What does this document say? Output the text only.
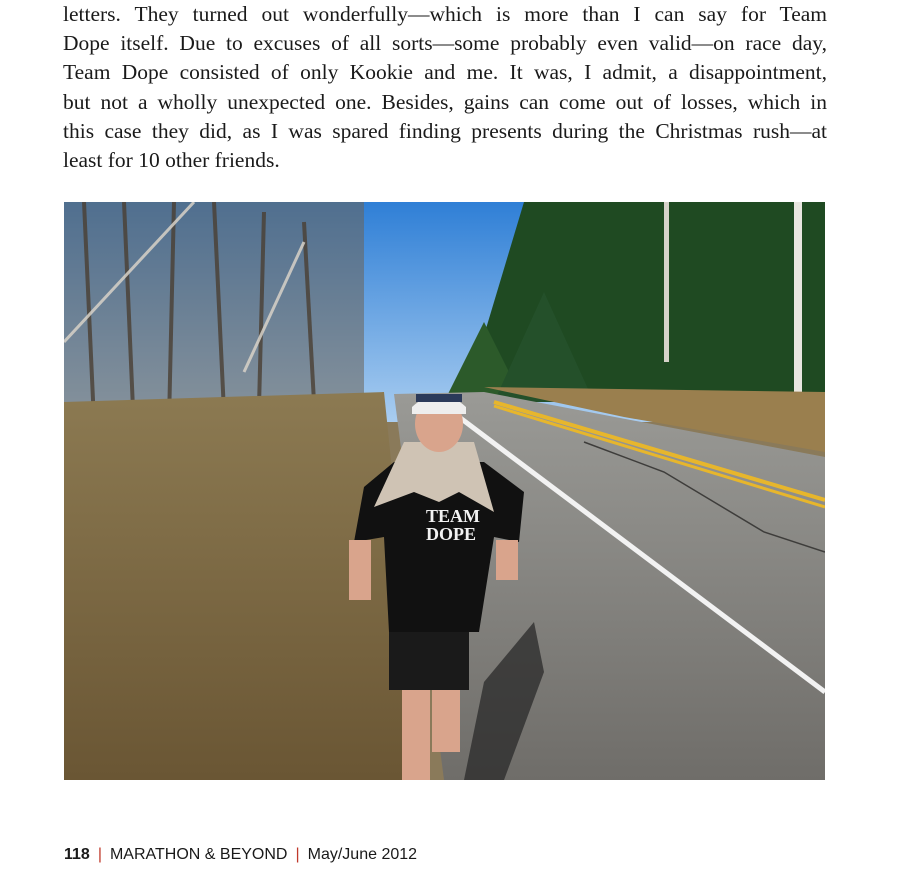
letters. They turned out wonderfully—which is more than I can say for Team
Dope itself. Due to excuses of all sorts—some probably even valid—on race day,
Team Dope consisted of only Kookie and me. It was, I admit, a disappointment,
but not a wholly unexpected one. Besides, gains can come out of losses, which in
this case they did, as I was spared finding presents during the Christmas rush—at
least for 10 other friends.
TEAM
DOPE
118 | MARATHON & BEYOND | May/June 2012
